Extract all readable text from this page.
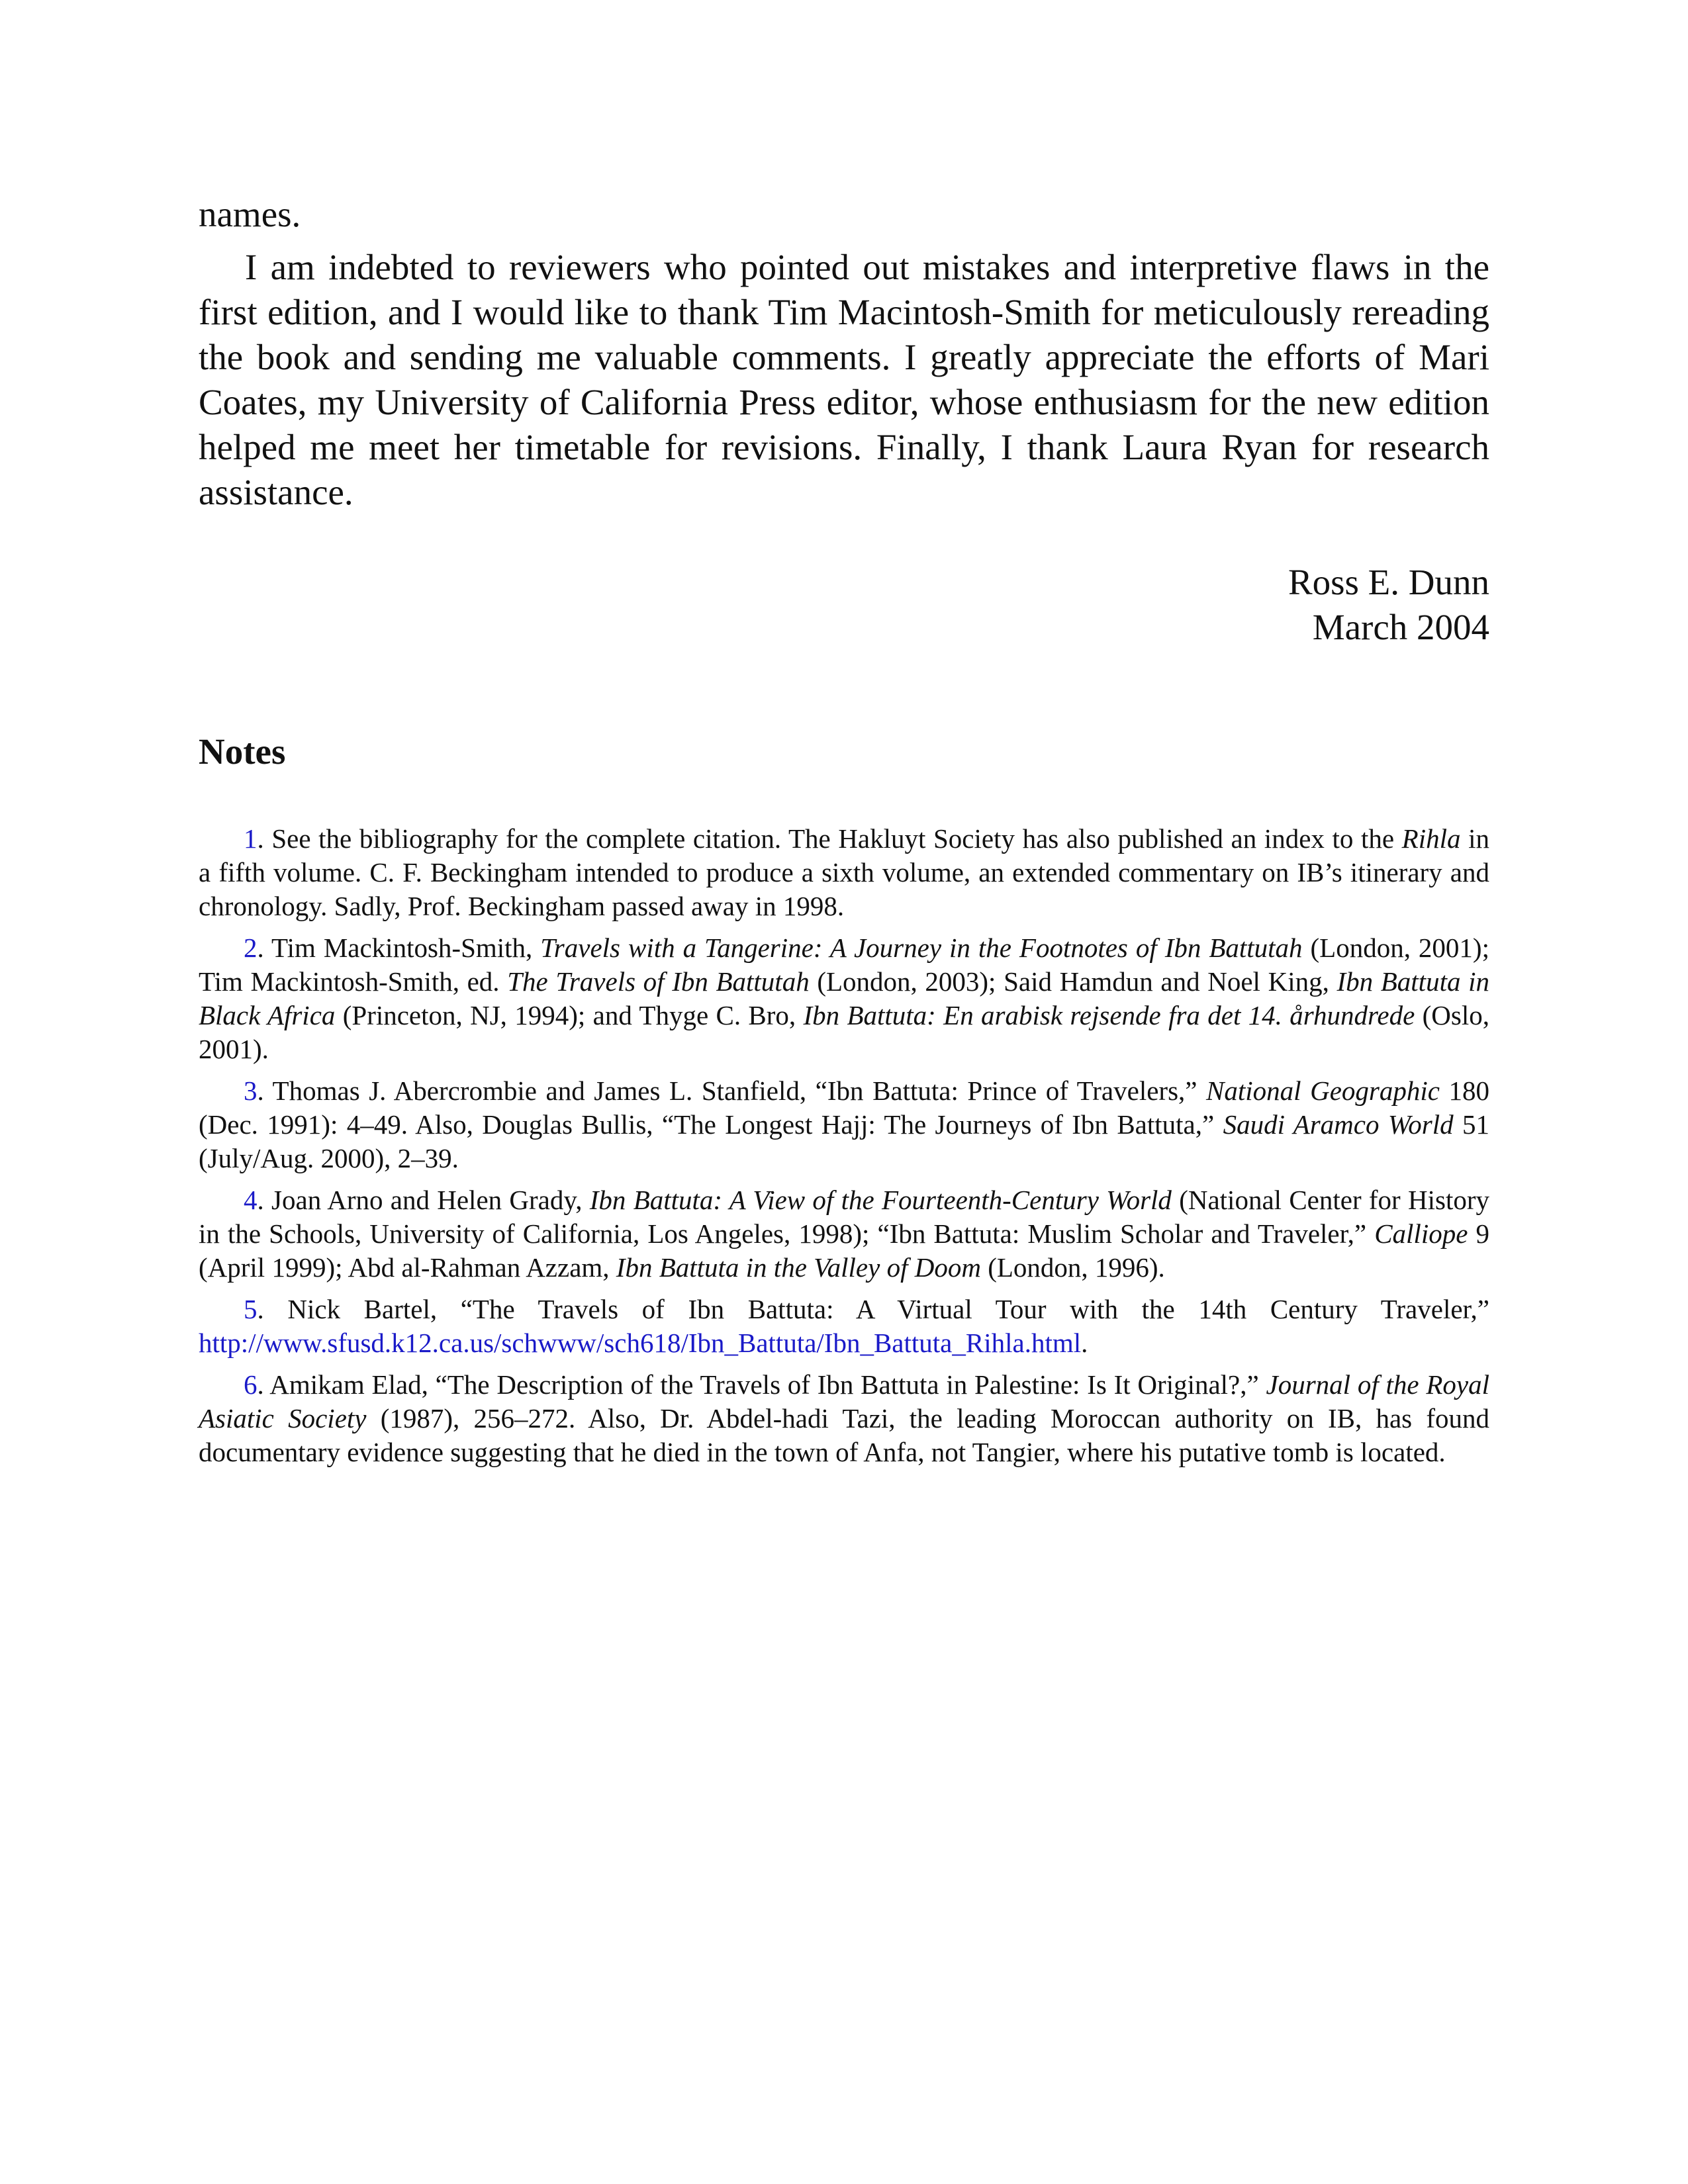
names.

I am indebted to reviewers who pointed out mistakes and interpretive flaws in the first edition, and I would like to thank Tim Macintosh-Smith for meticulously rereading the book and sending me valuable comments. I greatly appreciate the efforts of Mari Coates, my University of California Press editor, whose enthusiasm for the new edition helped me meet her timetable for revisions. Finally, I thank Laura Ryan for research assistance.

Ross E. Dunn
March 2004
Notes

1. See the bibliography for the complete citation. The Hakluyt Society has also published an index to the Rihla in a fifth volume. C. F. Beckingham intended to produce a sixth volume, an extended commentary on IB’s itinerary and chronology. Sadly, Prof. Beckingham passed away in 1998.

2. Tim Mackintosh-Smith, Travels with a Tangerine: A Journey in the Footnotes of Ibn Battutah (London, 2001); Tim Mackintosh-Smith, ed. The Travels of Ibn Battutah (London, 2003); Said Hamdun and Noel King, Ibn Battuta in Black Africa (Princeton, NJ, 1994); and Thyge C. Bro, Ibn Battuta: En arabisk rejsende fra det 14. århundrede (Oslo, 2001).

3. Thomas J. Abercrombie and James L. Stanfield, “Ibn Battuta: Prince of Travelers,” National Geographic 180 (Dec. 1991): 4–49. Also, Douglas Bullis, “The Longest Hajj: The Journeys of Ibn Battuta,” Saudi Aramco World 51 (July/Aug. 2000), 2–39.

4. Joan Arno and Helen Grady, Ibn Battuta: A View of the Fourteenth-Century World (National Center for History in the Schools, University of California, Los Angeles, 1998); “Ibn Battuta: Muslim Scholar and Traveler,” Calliope 9 (April 1999); Abd al-Rahman Azzam, Ibn Battuta in the Valley of Doom (London, 1996).

5. Nick Bartel, “The Travels of Ibn Battuta: A Virtual Tour with the 14th Century Traveler,” http://www.sfusd.k12.ca.us/schwww/sch618/Ibn_Battuta/Ibn_Battuta_Rihla.html.

6. Amikam Elad, “The Description of the Travels of Ibn Battuta in Palestine: Is It Original?,” Journal of the Royal Asiatic Society (1987), 256–272. Also, Dr. Abdel-hadi Tazi, the leading Moroccan authority on IB, has found documentary evidence suggesting that he died in the town of Anfa, not Tangier, where his putative tomb is located.
